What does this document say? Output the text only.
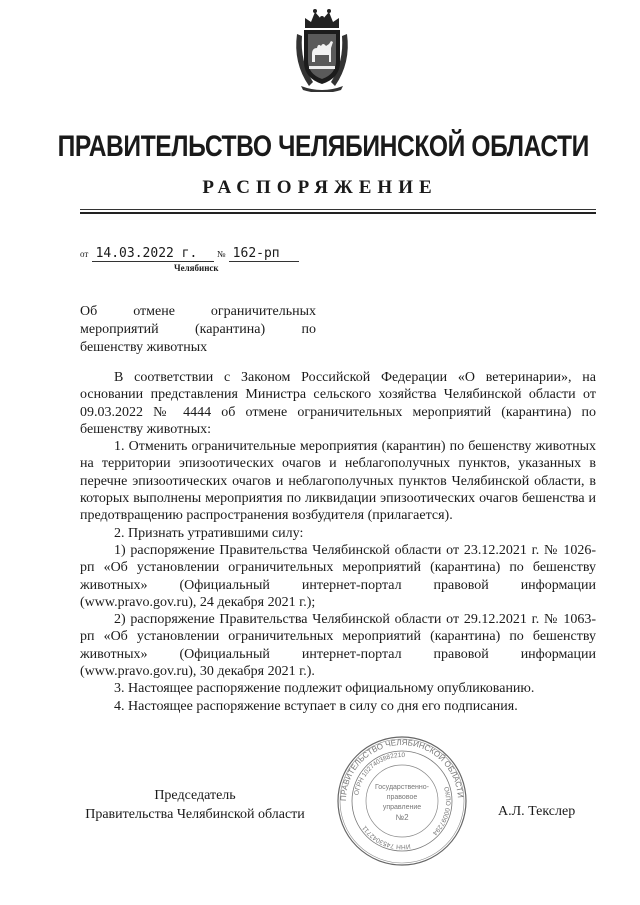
ПРАВИТЕЛЬСТВО ЧЕЛЯБИНСКОЙ ОБЛАСТИ
РАСПОРЯЖЕНИЕ
от 14.03.2022 г. № 162-рп
Челябинск
Об отмене ограничительных мероприятий (карантина) по бешенству животных

В соответствии с Законом Российской Федерации «О ветеринарии», на основании представления Министра сельского хозяйства Челябинской области от 09.03.2022 № 4444 об отмене ограничительных мероприятий (карантина) по бешенству животных:

1. Отменить ограничительные мероприятия (карантин) по бешенству животных на территории эпизоотических очагов и неблагополучных пунктов, указанных в перечне эпизоотических очагов и неблагополучных пунктов Челябинской области, в которых выполнены мероприятия по ликвидации эпизоотических очагов бешенства и предотвращению распространения возбудителя (прилагается).

2. Признать утратившими силу:

1) распоряжение Правительства Челябинской области от 23.12.2021 г. № 1026-рп «Об установлении ограничительных мероприятий (карантина) по бешенству животных» (Официальный интернет-портал правовой информации (www.pravo.gov.ru), 24 декабря 2021 г.);

2) распоряжение Правительства Челябинской области от 29.12.2021 г. № 1063-рп «Об установлении ограничительных мероприятий (карантина) по бешенству животных» (Официальный интернет-портал правовой информации (www.pravo.gov.ru), 30 декабря 2021 г.).

3. Настоящее распоряжение подлежит официальному опубликованию.

4. Настоящее распоряжение вступает в силу со дня его подписания.

Председатель
Правительства Челябинской области	А.Л. Текслер
ПРАВИТЕЛЬСТВО ЧЕЛЯБИНСКОЙ ОБЛАСТИ
ОГРН 1027403882210
ОКПО 00097294
ИНН 7453042711
Государственно-
правовое
управление
№2
